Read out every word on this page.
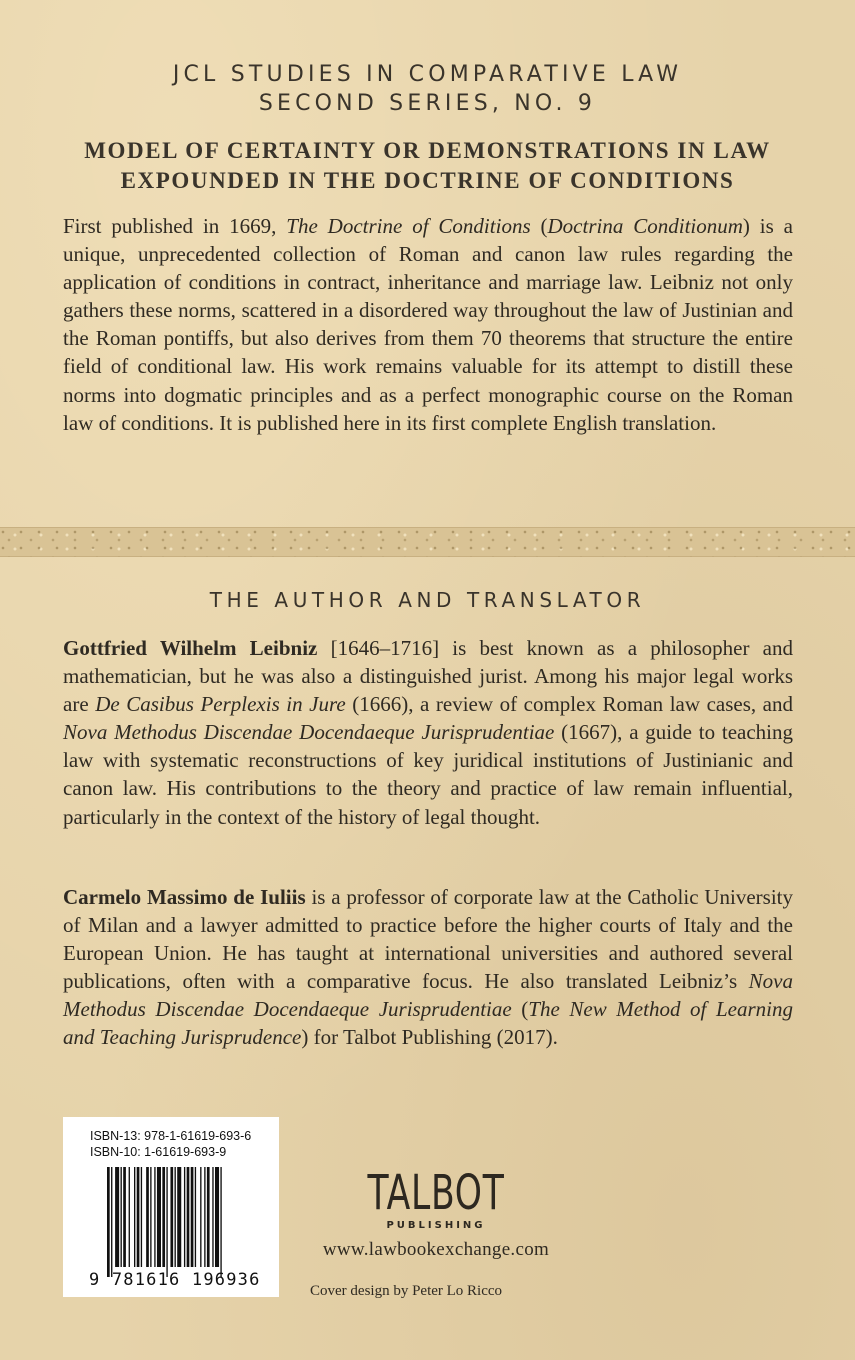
JCL STUDIES IN COMPARATIVE LAW
SECOND SERIES, NO. 9
MODEL OF CERTAINTY OR DEMONSTRATIONS IN LAW
EXPOUNDED IN THE DOCTRINE OF CONDITIONS

First published in 1669, The Doctrine of Conditions (Doctrina Conditionum) is a unique, unprecedented collection of Roman and canon law rules regarding the application of conditions in contract, inheritance and marriage law. Leibniz not only gathers these norms, scattered in a disordered way throughout the law of Justinian and the Roman pontiffs, but also derives from them 70 theorems that structure the entire field of conditional law. His work remains valuable for its attempt to distill these norms into dogmatic principles and as a perfect monographic course on the Roman law of conditions. It is published here in its first complete English translation.

THE AUTHOR AND TRANSLATOR

Gottfried Wilhelm Leibniz [1646–1716] is best known as a philosopher and mathematician, but he was also a distinguished jurist. Among his major legal works are De Casibus Perplexis in Jure (1666), a review of complex Roman law cases, and Nova Methodus Discendae Docendaeque Jurisprudentiae (1667), a guide to teaching law with systematic reconstructions of key juridical institutions of Justinianic and canon law. His contributions to the theory and practice of law remain influential, particularly in the context of the history of legal thought.

Carmelo Massimo de Iuliis is a professor of corporate law at the Catholic University of Milan and a lawyer admitted to practice before the higher courts of Italy and the European Union. He has taught at international universities and authored several publications, often with a comparative focus. He also translated Leibniz’s Nova Methodus Discendae Docendaeque Jurisprudentiae (The New Method of Learning and Teaching Jurisprudence) for Talbot Publishing (2017).

ISBN-13: 978-1-61619-693-6
ISBN-10: 1-61619-693-9
9 781616 196936
TALBOT
PUBLISHING
www.lawbookexchange.com
Cover design by Peter Lo Ricco
